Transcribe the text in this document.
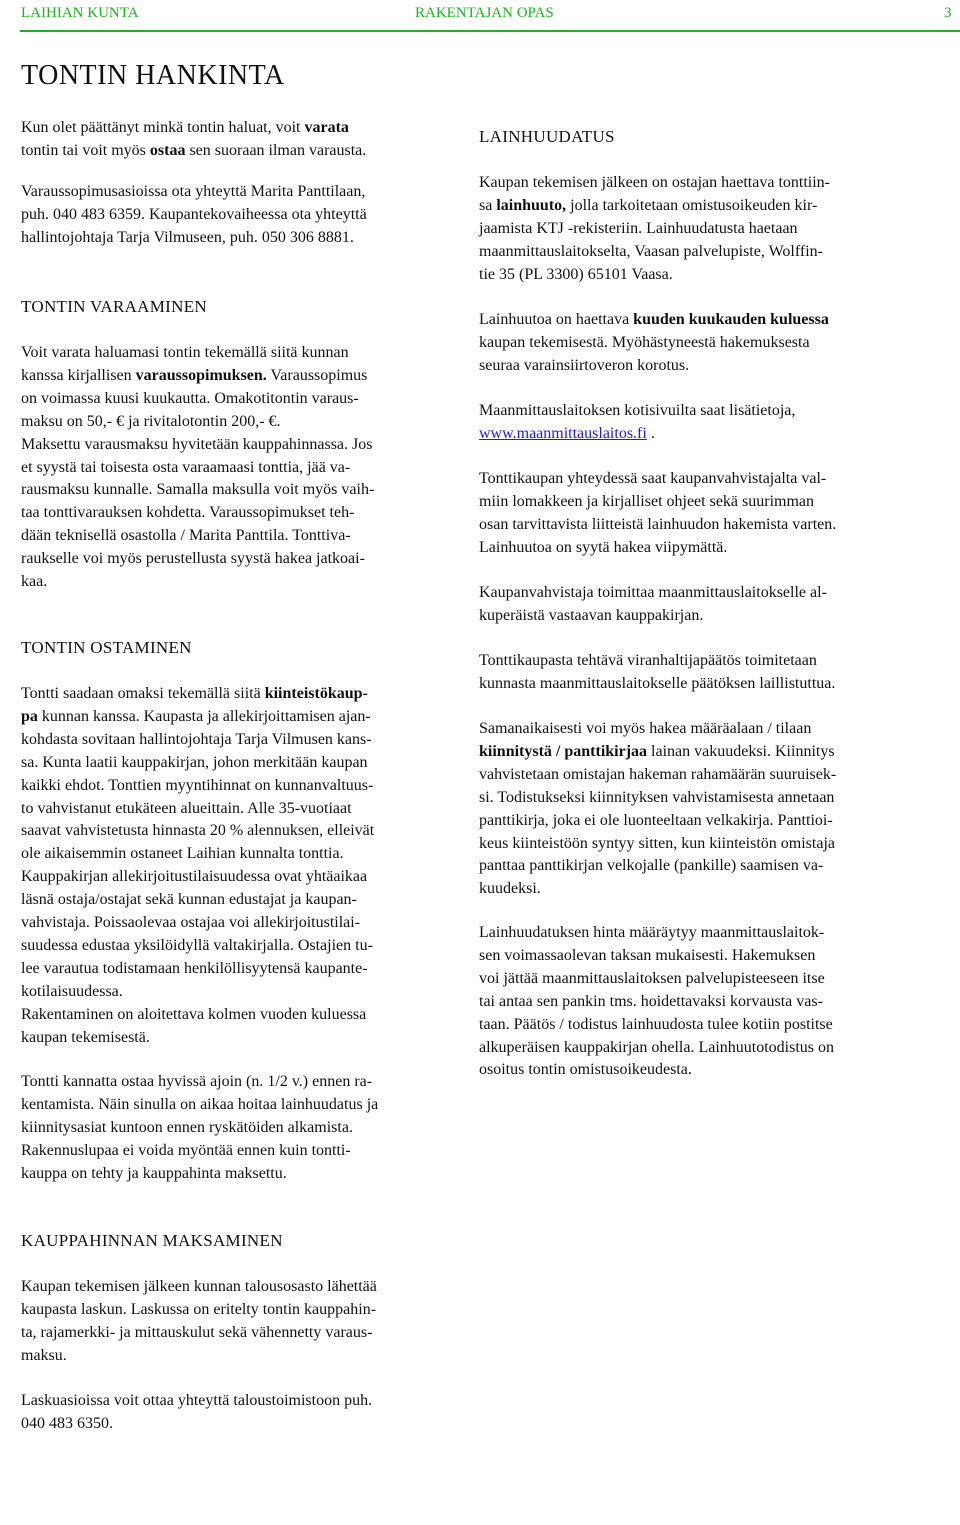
LAIHIAN KUNTA	RAKENTAJAN OPAS	3
TONTIN HANKINTA

Kun olet päättänyt minkä tontin haluat, voit varata

tontin tai voit myös ostaa sen suoraan ilman varausta.

Varaussopimusasioissa ota yhteyttä Marita Panttilaan,

puh. 040 483 6359. Kaupantekovaiheessa ota yhteyttä

hallintojohtaja Tarja Vilmuseen, puh. 050 306 8881.

TONTIN VARAAMINEN

Voit varata haluamasi tontin tekemällä siitä kunnan

kanssa kirjallisen varaussopimuksen. Varaussopimus

on voimassa kuusi kuukautta. Omakotitontin varaus-

maksu on 50,- € ja rivitalotontin 200,- €.

Maksettu varausmaksu hyvitetään kauppahinnassa. Jos

et syystä tai toisesta osta varaamaasi tonttia, jää va-

rausmaksu kunnalle. Samalla maksulla voit myös vaih-

taa tonttivarauksen kohdetta. Varaussopimukset teh-

dään teknisellä osastolla / Marita Panttila. Tonttiva-

raukselle voi myös perustellusta syystä hakea jatkoai-

kaa.

TONTIN OSTAMINEN

Tontti saadaan omaksi tekemällä siitä kiinteistökaup-

pa kunnan kanssa. Kaupasta ja allekirjoittamisen ajan-

kohdasta sovitaan hallintojohtaja Tarja Vilmusen kans-

sa. Kunta laatii kauppakirjan, johon merkitään kaupan

kaikki ehdot. Tonttien myyntihinnat on kunnanvaltuus-

to vahvistanut etukäteen alueittain. Alle 35-vuotiaat

saavat vahvistetusta hinnasta 20 % alennuksen, elleivät

ole aikaisemmin ostaneet Laihian kunnalta tonttia.

Kauppakirjan allekirjoitustilaisuudessa ovat yhtäaikaa

läsnä ostaja/ostajat sekä kunnan edustajat ja kaupan-

vahvistaja. Poissaolevaa ostajaa voi allekirjoitustilai-

suudessa edustaa yksilöidyllä valtakirjalla. Ostajien tu-

lee varautua todistamaan henkilöllisyytensä kaupante-

kotilaisuudessa.

Rakentaminen on aloitettava kolmen vuoden kuluessa

kaupan tekemisestä.

Tontti kannatta ostaa hyvissä ajoin (n. 1/2 v.) ennen ra-

kentamista. Näin sinulla on aikaa hoitaa lainhuudatus ja

kiinnitysasiat kuntoon ennen ryskätöiden alkamista.

Rakennuslupaa ei voida myöntää ennen kuin tontti-

kauppa on tehty ja kauppahinta maksettu.

LAINHUUDATUS

Kaupan tekemisen jälkeen on ostajan haettava tonttiin-

sa lainhuuto, jolla tarkoitetaan omistusoikeuden kir-

jaamista KTJ -rekisteriin. Lainhuudatusta haetaan

maanmittauslaitokselta, Vaasan palvelupiste, Wolffin-

tie 35 (PL 3300) 65101 Vaasa.

Lainhuutoa on haettava kuuden kuukauden kuluessa

kaupan tekemisestä. Myöhästyneestä hakemuksesta

seuraa varainsiirtoveron korotus.

Maanmittauslaitoksen kotisivuilta saat lisätietoja,

www.maanmittauslaitos.fi .

Tonttikaupan yhteydessä saat kaupanvahvistajalta val-

miin lomakkeen ja kirjalliset ohjeet sekä suurimman

osan tarvittavista liitteistä lainhuudon hakemista varten.

Lainhuutoa on syytä hakea viipymättä.

Kaupanvahvistaja toimittaa maanmittauslaitokselle al-

kuperäistä vastaavan kauppakirjan.

Tonttikaupasta tehtävä viranhaltijapäätös toimitetaan

kunnasta maanmittauslaitokselle päätöksen laillistuttua.

Samanaikaisesti voi myös hakea määräalaan / tilaan

kiinnitystä / panttikirjaa lainan vakuudeksi. Kiinnitys

vahvistetaan omistajan hakeman rahamäärän suuruisek-

si. Todistukseksi kiinnityksen vahvistamisesta annetaan

panttikirja, joka ei ole luonteeltaan velkakirja. Panttioi-

keus kiinteistöön syntyy sitten, kun kiinteistön omistaja

panttaa panttikirjan velkojalle (pankille) saamisen va-

kuudeksi.

Lainhuudatuksen hinta määräytyy maanmittauslaitok-

sen voimassaolevan taksan mukaisesti. Hakemuksen

voi jättää maanmittauslaitoksen palvelupisteeseen itse

tai antaa sen pankin tms. hoidettavaksi korvausta vas-

taan. Päätös / todistus lainhuudosta tulee kotiin postitse

alkuperäisen kauppakirjan ohella. Lainhuutotodistus on

osoitus tontin omistusoikeudesta.

KAUPPAHINNAN MAKSAMINEN

Kaupan tekemisen jälkeen kunnan talousosasto lähettää

kaupasta laskun. Laskussa on eritelty tontin kauppahin-

ta, rajamerkki- ja mittauskulut sekä vähennetty varaus-

maksu.

Laskuasioissa voit ottaa yhteyttä taloustoimistoon puh.

040 483 6350.
